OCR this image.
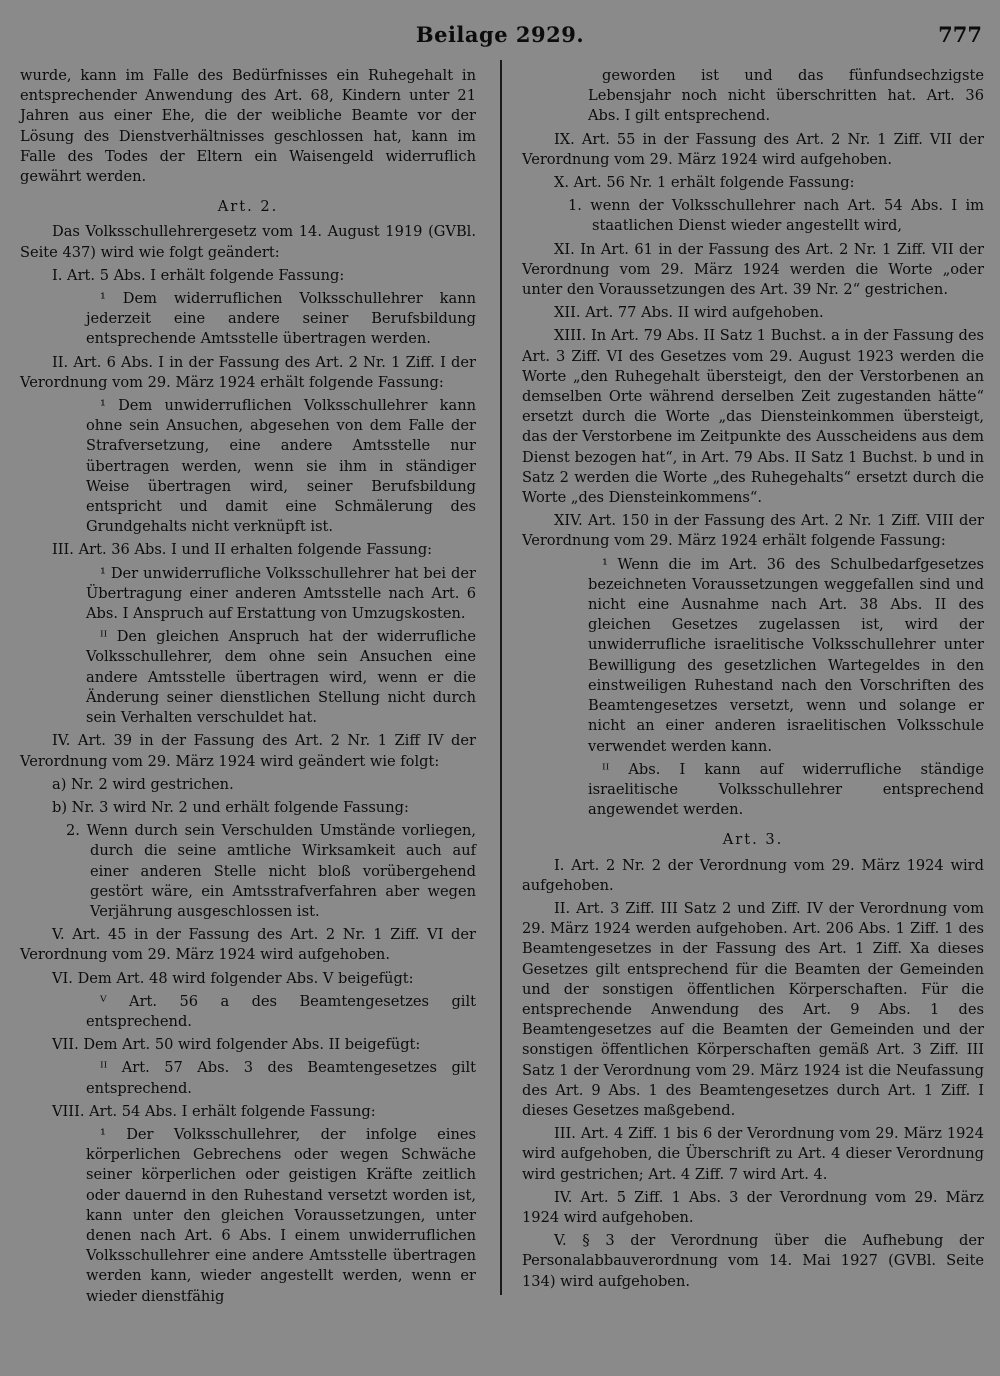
Beilage 2929.	777

wurde, kann im Falle des Bedürfnisses ein Ruhegehalt in entsprechender Anwendung des Art. 68, Kindern unter 21 Jahren aus einer Ehe, die der weibliche Beamte vor der Lösung des Dienstverhältnisses geschlossen hat, kann im Falle des Todes der Eltern ein Waisengeld widerruflich gewährt werden.

Art. 2.

Das Volksschullehrergesetz vom 14. August 1919 (GVBl. Seite 437) wird wie folgt geändert:

I. Art. 5 Abs. I erhält folgende Fassung:

¹ Dem widerruflichen Volksschullehrer kann jederzeit eine andere seiner Berufsbildung entsprechende Amtsstelle übertragen werden.

II. Art. 6 Abs. I in der Fassung des Art. 2 Nr. 1 Ziff. I der Verordnung vom 29. März 1924 erhält folgende Fassung:

¹ Dem unwiderruflichen Volksschullehrer kann ohne sein Ansuchen, abgesehen von dem Falle der Strafversetzung, eine andere Amtsstelle nur übertragen werden, wenn sie ihm in ständiger Weise übertragen wird, seiner Berufsbildung entspricht und damit eine Schmälerung des Grundgehalts nicht verknüpft ist.

III. Art. 36 Abs. I und II erhalten folgende Fassung:

¹ Der unwiderrufliche Volksschullehrer hat bei der Übertragung einer anderen Amtsstelle nach Art. 6 Abs. I Anspruch auf Erstattung von Umzugskosten.

ᴵᴵ Den gleichen Anspruch hat der widerrufliche Volksschullehrer, dem ohne sein Ansuchen eine andere Amtsstelle übertragen wird, wenn er die Änderung seiner dienstlichen Stellung nicht durch sein Verhalten verschuldet hat.

IV. Art. 39 in der Fassung des Art. 2 Nr. 1 Ziff IV der Verordnung vom 29. März 1924 wird geändert wie folgt:

a) Nr. 2 wird gestrichen.

b) Nr. 3 wird Nr. 2 und erhält folgende Fassung:

2. Wenn durch sein Verschulden Umstände vorliegen, durch die seine amtliche Wirksamkeit auch auf einer anderen Stelle nicht bloß vorübergehend gestört wäre, ein Amtsstrafverfahren aber wegen Verjährung ausgeschlossen ist.

V. Art. 45 in der Fassung des Art. 2 Nr. 1 Ziff. VI der Verordnung vom 29. März 1924 wird aufgehoben.

VI. Dem Art. 48 wird folgender Abs. V beigefügt:

ⱽ Art. 56 a des Beamtengesetzes gilt entsprechend.

VII. Dem Art. 50 wird folgender Abs. II beigefügt:

ᴵᴵ Art. 57 Abs. 3 des Beamtengesetzes gilt entsprechend.

VIII. Art. 54 Abs. I erhält folgende Fassung:

¹ Der Volksschullehrer, der infolge eines körperlichen Gebrechens oder wegen Schwäche seiner körperlichen oder geistigen Kräfte zeitlich oder dauernd in den Ruhestand versetzt worden ist, kann unter den gleichen Voraussetzungen, unter denen nach Art. 6 Abs. I einem unwiderruflichen Volksschullehrer eine andere Amtsstelle übertragen werden kann, wieder angestellt werden, wenn er wieder dienstfähig

geworden ist und das fünfundsechzigste Lebensjahr noch nicht überschritten hat. Art. 36 Abs. I gilt entsprechend.

IX. Art. 55 in der Fassung des Art. 2 Nr. 1 Ziff. VII der Verordnung vom 29. März 1924 wird aufgehoben.

X. Art. 56 Nr. 1 erhält folgende Fassung:

1. wenn der Volksschullehrer nach Art. 54 Abs. I im staatlichen Dienst wieder angestellt wird,

XI. In Art. 61 in der Fassung des Art. 2 Nr. 1 Ziff. VII der Verordnung vom 29. März 1924 werden die Worte „oder unter den Voraussetzungen des Art. 39 Nr. 2“ gestrichen.

XII. Art. 77 Abs. II wird aufgehoben.

XIII. In Art. 79 Abs. II Satz 1 Buchst. a in der Fassung des Art. 3 Ziff. VI des Gesetzes vom 29. August 1923 werden die Worte „den Ruhegehalt übersteigt, den der Verstorbenen an demselben Orte während derselben Zeit zugestanden hätte“ ersetzt durch die Worte „das Diensteinkommen übersteigt, das der Verstorbene im Zeitpunkte des Ausscheidens aus dem Dienst bezogen hat“, in Art. 79 Abs. II Satz 1 Buchst. b und in Satz 2 werden die Worte „des Ruhegehalts“ ersetzt durch die Worte „des Diensteinkommens“.

XIV. Art. 150 in der Fassung des Art. 2 Nr. 1 Ziff. VIII der Verordnung vom 29. März 1924 erhält folgende Fassung:

¹ Wenn die im Art. 36 des Schulbedarfgesetzes bezeichneten Voraussetzungen weggefallen sind und nicht eine Ausnahme nach Art. 38 Abs. II des gleichen Gesetzes zugelassen ist, wird der unwiderrufliche israelitische Volksschullehrer unter Bewilligung des gesetzlichen Wartegeldes in den einstweiligen Ruhestand nach den Vorschriften des Beamtengesetzes versetzt, wenn und solange er nicht an einer anderen israelitischen Volksschule verwendet werden kann.

ᴵᴵ Abs. I kann auf widerrufliche ständige israelitische Volksschullehrer entsprechend angewendet werden.

Art. 3.

I. Art. 2 Nr. 2 der Verordnung vom 29. März 1924 wird aufgehoben.

II. Art. 3 Ziff. III Satz 2 und Ziff. IV der Verordnung vom 29. März 1924 werden aufgehoben. Art. 206 Abs. 1 Ziff. 1 des Beamtengesetzes in der Fassung des Art. 1 Ziff. Xa dieses Gesetzes gilt entsprechend für die Beamten der Gemeinden und der sonstigen öffentlichen Körperschaften. Für die entsprechende Anwendung des Art. 9 Abs. 1 des Beamtengesetzes auf die Beamten der Gemeinden und der sonstigen öffentlichen Körperschaften gemäß Art. 3 Ziff. III Satz 1 der Verordnung vom 29. März 1924 ist die Neufassung des Art. 9 Abs. 1 des Beamtengesetzes durch Art. 1 Ziff. I dieses Gesetzes maßgebend.

III. Art. 4 Ziff. 1 bis 6 der Verordnung vom 29. März 1924 wird aufgehoben, die Überschrift zu Art. 4 dieser Verordnung wird gestrichen; Art. 4 Ziff. 7 wird Art. 4.

IV. Art. 5 Ziff. 1 Abs. 3 der Verordnung vom 29. März 1924 wird aufgehoben.

V. § 3 der Verordnung über die Aufhebung der Personalabbauverordnung vom 14. Mai 1927 (GVBl. Seite 134) wird aufgehoben.
